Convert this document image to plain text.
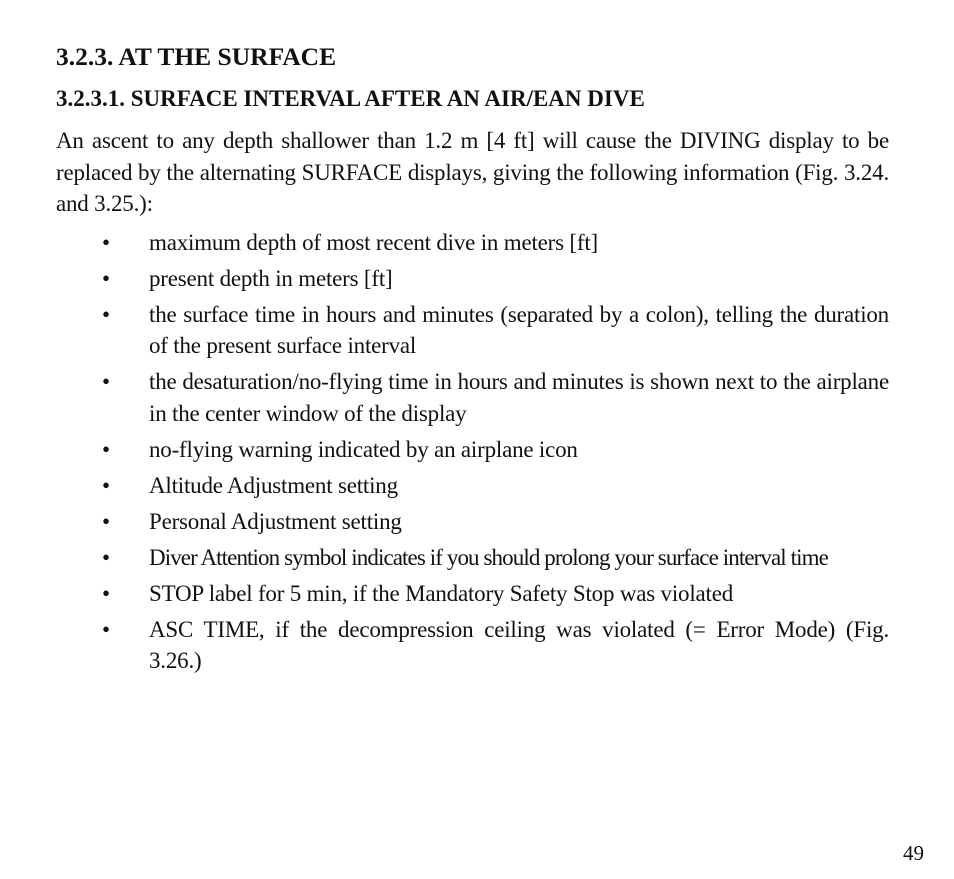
3.2.3. AT THE SURFACE
3.2.3.1. SURFACE INTERVAL AFTER AN AIR/EAN DIVE

An ascent to any depth shallower than 1.2 m [4 ft] will cause the DIVING display to be replaced by the alternating SURFACE displays, giving the following information (Fig. 3.24. and 3.25.):

• maximum depth of most recent dive in meters [ft]
• present depth in meters [ft]
• the surface time in hours and minutes (separated by a colon), telling the duration of the present surface interval
• the desaturation/no-flying time in hours and minutes is shown next to the airplane in the center window of the display
• no-flying warning indicated by an airplane icon
• Altitude Adjustment setting
• Personal Adjustment setting
• Diver Attention symbol indicates if you should prolong your surface interval time
• STOP label for 5 min, if the Mandatory Safety Stop was violated
• ASC TIME, if the decompression ceiling was violated (= Error Mode) (Fig. 3.26.)
49
